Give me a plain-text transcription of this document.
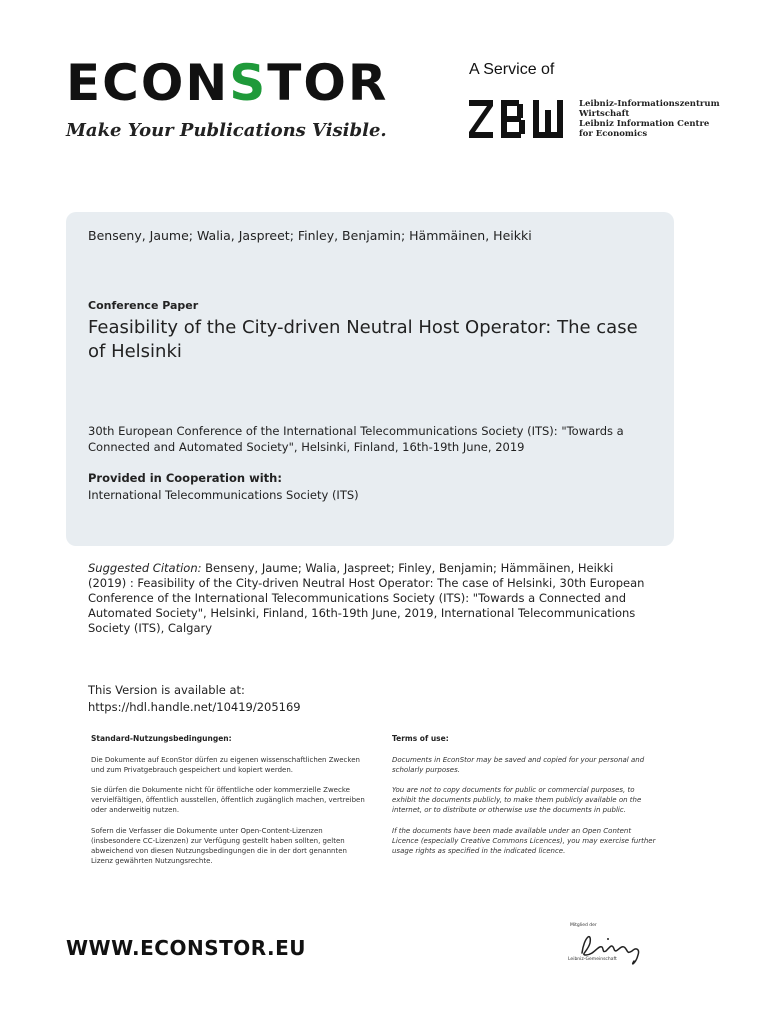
ECONSTOR
Make Your Publications Visible.
A Service of
Leibniz-Informationszentrum
Wirtschaft
Leibniz Information Centre
for Economics
Benseny, Jaume; Walia, Jaspreet; Finley, Benjamin; Hämmäinen, Heikki
Conference Paper
Feasibility of the City-driven Neutral Host Operator: The case of Helsinki
30th European Conference of the International Telecommunications Society (ITS): "Towards a Connected and Automated Society", Helsinki, Finland, 16th-19th June, 2019
Provided in Cooperation with:
International Telecommunications Society (ITS)
Suggested Citation: Benseny, Jaume; Walia, Jaspreet; Finley, Benjamin; Hämmäinen, Heikki (2019) : Feasibility of the City-driven Neutral Host Operator: The case of Helsinki, 30th European Conference of the International Telecommunications Society (ITS): "Towards a Connected and Automated Society", Helsinki, Finland, 16th-19th June, 2019, International Telecommunications Society (ITS), Calgary
This Version is available at:
https://hdl.handle.net/10419/205169
Standard-Nutzungsbedingungen:
Die Dokumente auf EconStor dürfen zu eigenen wissenschaftlichen Zwecken und zum Privatgebrauch gespeichert und kopiert werden.
Sie dürfen die Dokumente nicht für öffentliche oder kommerzielle Zwecke vervielfältigen, öffentlich ausstellen, öffentlich zugänglich machen, vertreiben oder anderweitig nutzen.
Sofern die Verfasser die Dokumente unter Open-Content-Lizenzen (insbesondere CC-Lizenzen) zur Verfügung gestellt haben sollten, gelten abweichend von diesen Nutzungsbedingungen die in der dort genannten Lizenz gewährten Nutzungsrechte.
Terms of use:
Documents in EconStor may be saved and copied for your personal and scholarly purposes.
You are not to copy documents for public or commercial purposes, to exhibit the documents publicly, to make them publicly available on the internet, or to distribute or otherwise use the documents in public.
If the documents have been made available under an Open Content Licence (especially Creative Commons Licences), you may exercise further usage rights as specified in the indicated licence.
WWW.ECONSTOR.EU
Mitglied der
Leibniz-Gemeinschaft
